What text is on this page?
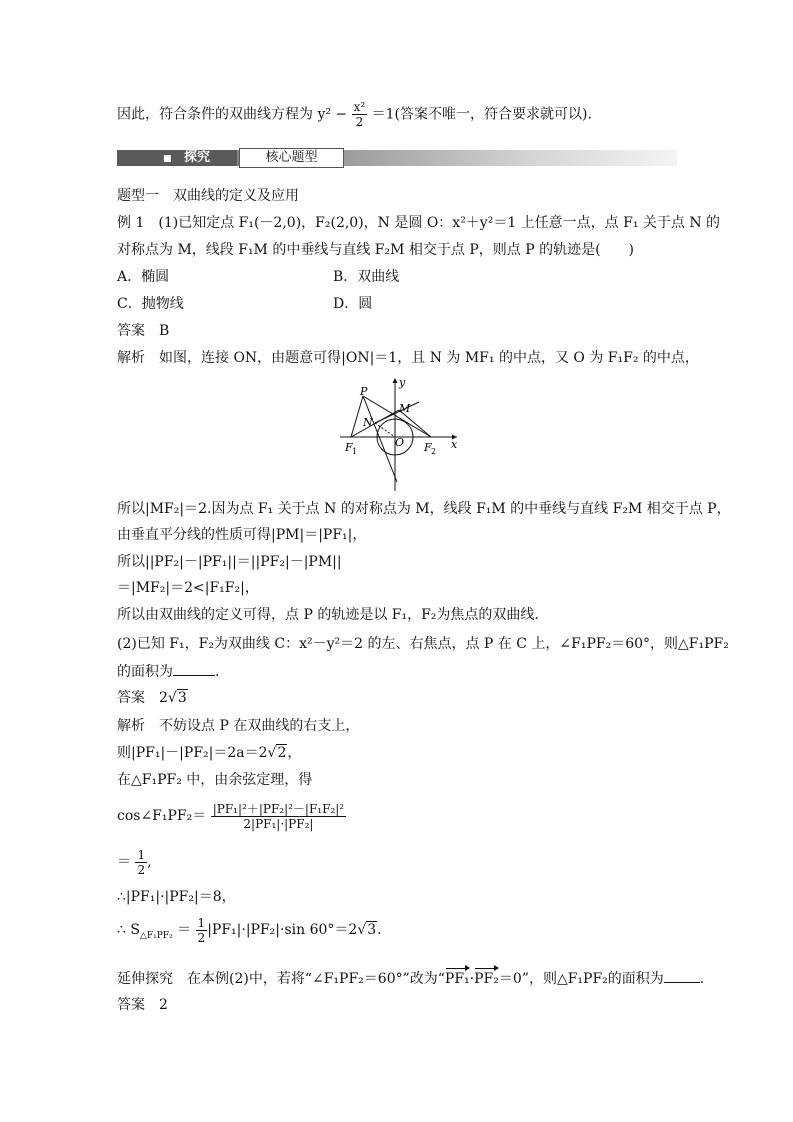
因此，符合条件的双曲线方程为 $y^2 - \frac{\text{x²}}{2} =1$(答案不唯一，符合要求就可以).
■ 探究	核心题型
题型一　双曲线的定义及应用
例 1　(1)已知定点 F₁(－2,0)，F₂(2,0)，N 是圆 O：x²＋y²＝1 上任意一点，点 F₁ 关于点 N 的
对称点为 M，线段 F₁M 的中垂线与直线 F₂M 相交于点 P，则点 P 的轨迹是(　　)
A．椭圆	B．双曲线
C．抛物线	D．圆
答案　B
解析　如图，连接 ON，由题意可得|ON|＝1，且 N 为 MF₁ 的中点，又 O 为 F₁F₂ 的中点，
P
M
N
O
F 1	F 2
x
y
所以|MF₂|＝2.因为点 F₁ 关于点 N 的对称点为 M，线段 F₁M 的中垂线与直线 F₂M 相交于点 P，
由垂直平分线的性质可得|PM|＝|PF₁|，
所以||PF₂|－|PF₁||＝||PF₂|－|PM||
＝|MF₂|＝2<|F₁F₂|，
所以由双曲线的定义可得，点 P 的轨迹是以 F₁，F₂为焦点的双曲线．
(2)已知 F₁，F₂为双曲线 C：x²－y²＝2 的左、右焦点，点 P 在 C 上，∠F₁PF₂＝60°，则△F₁PF₂
的面积为	.
答案　2√3
解析　不妨设点 P 在双曲线的右支上，
则|PF₁|－|PF₂|＝2a＝2√2，
在△F₁PF₂ 中，由余弦定理，得
cos∠F₁PF₂＝ $\frac{\text{|PF₁|²＋|PF₂|²－|F₁F₂|²}}{\text{2|PF₁|·|PF₂|}}$
＝ $\frac{1}{2}$ ,
∴|PF₁|·|PF₂|＝8，
∴ $S_{\triangle F_1PF_2} = \frac{1}{2} |PF_1|\cdot|PF_2|\cdot\sin$ 60°＝2√3.
延伸探究　在本例(2)中，若将“∠F₁PF₂＝60°”改为“PF₁·PF₂＝0”，则△F₁PF₂的面积为	.
答案　2
